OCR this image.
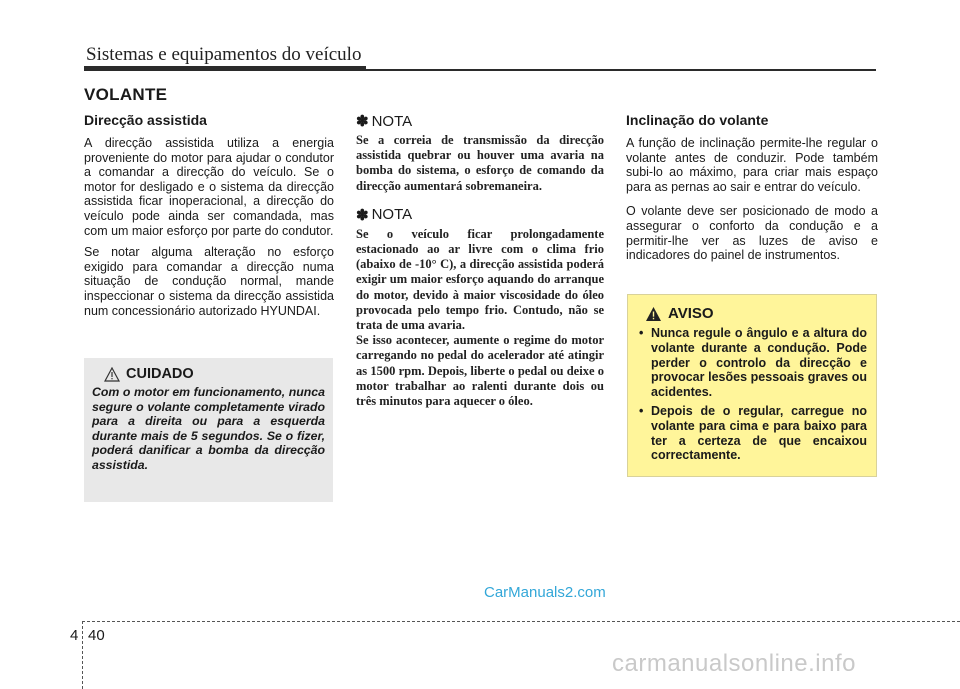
Sistemas e equipamentos do veículo
VOLANTE
Direcção assistida

A direcção assistida utiliza a energia proveniente do motor para ajudar o condutor a comandar a direcção do veículo. Se o motor for desligado e o sistema da direcção assistida ficar inoperacional, a direcção do veículo pode ainda ser comandada, mas com um maior esforço por parte do condutor.

Se notar alguma alteração no esforço exigido para comandar a direcção numa situação de condução normal, mande inspeccionar o sistema da direcção assistida num concessionário autorizado HYUNDAI.

CUIDADO

Com o motor em funcionamento, nunca segure o volante completamente virado para a direita ou para a esquerda durante mais de 5 segundos. Se o fizer, poderá danificar a bomba da direcção assistida.

✽ NOTA

Se a correia de transmissão da direcção assistida quebrar ou houver uma avaria na bomba do sistema, o esforço de comando da direcção aumentará sobremaneira.

✽ NOTA

Se o veículo ficar prolongadamente estacionado ao ar livre com o clima frio (abaixo de -10° C), a direcção assistida poderá exigir um maior esforço aquando do arranque do motor, devido à maior viscosidade do óleo provocada pelo tempo frio. Contudo, não se trata de uma avaria.

Se isso acontecer, aumente o regime do motor carregando no pedal do acelerador até atingir as 1500 rpm. Depois, liberte o pedal ou deixe o motor trabalhar ao ralenti durante dois ou três minutos para aquecer o óleo.

Inclinação do volante

A função de inclinação permite-lhe regular o volante antes de conduzir. Pode também subi-lo ao máximo, para criar mais espaço para as pernas ao sair e entrar do veículo.

O volante deve ser posicionado de modo a assegurar o conforto da condução e a permitir-lhe ver as luzes de aviso e indicadores do painel de instrumentos.

AVISO
• Nunca regule o ângulo e a altura do volante durante a condução. Pode perder o controlo da direcção e provocar lesões pessoais graves ou acidentes.
• Depois de o regular, carregue no volante para cima e para baixo para ter a certeza de que encaixou correctamente.
CarManuals2.com
4 40
carmanualsonline.info
